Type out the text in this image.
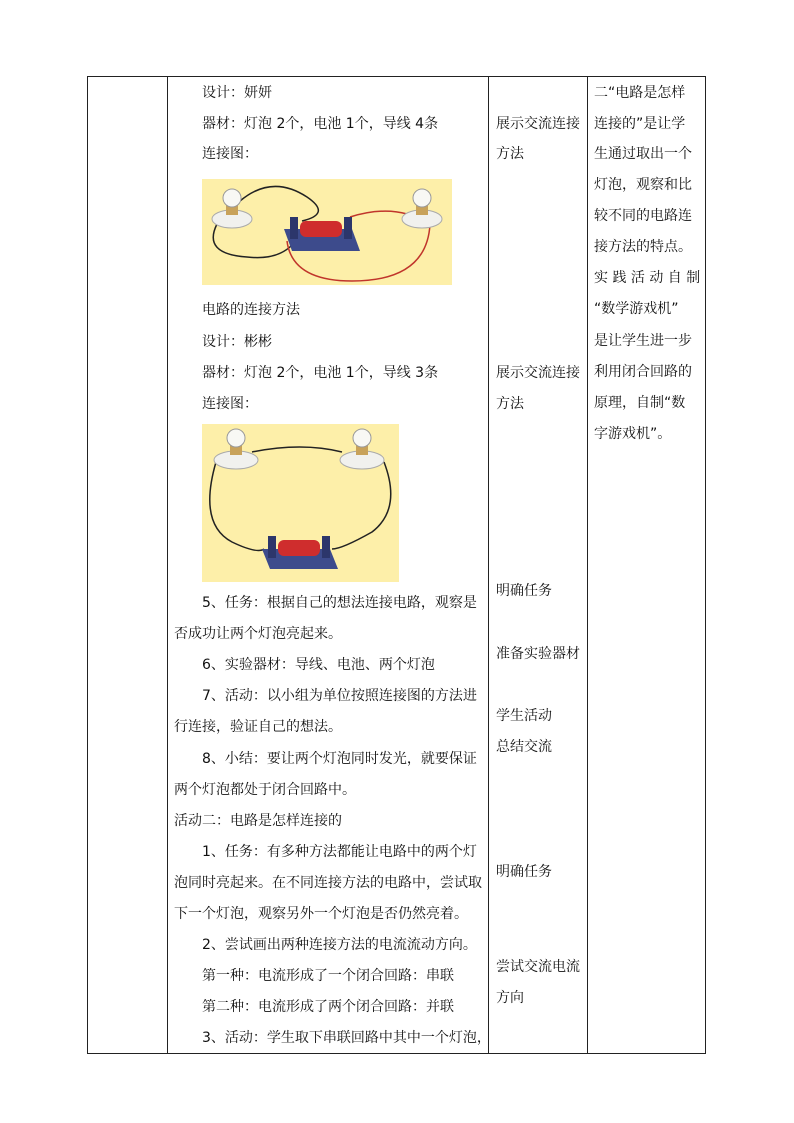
设计：妍妍
器材：灯泡 2个，电池 1个，导线 4条
连接图：
电路的连接方法
设计：彬彬
器材：灯泡 2个，电池 1个，导线 3条
连接图：
5、任务：根据自己的想法连接电路，观察是
否成功让两个灯泡亮起来。
6、实验器材：导线、电池、两个灯泡
7、活动：以小组为单位按照连接图的方法进
行连接，验证自己的想法。
8、小结：要让两个灯泡同时发光，就要保证
两个灯泡都处于闭合回路中。
活动二：电路是怎样连接的
1、任务：有多种方法都能让电路中的两个灯
泡同时亮起来。在不同连接方法的电路中，尝试取
下一个灯泡，观察另外一个灯泡是否仍然亮着。
2、尝试画出两种连接方法的电流流动方向。
第一种：电流形成了一个闭合回路：串联
第二种：电流形成了两个闭合回路：并联
3、活动：学生取下串联回路中其中一个灯泡，
展示交流连接
方法
展示交流连接
方法
明确任务
准备实验器材
学生活动
总结交流
明确任务
尝试交流电流
方向
二“电路是怎样
连接的”是让学
生通过取出一个
灯泡，观察和比
较不同的电路连
接方法的特点。
实 践 活 动 自 制
“数学游戏机”
是让学生进一步
利用闭合回路的
原理，自制“数
字游戏机”。
